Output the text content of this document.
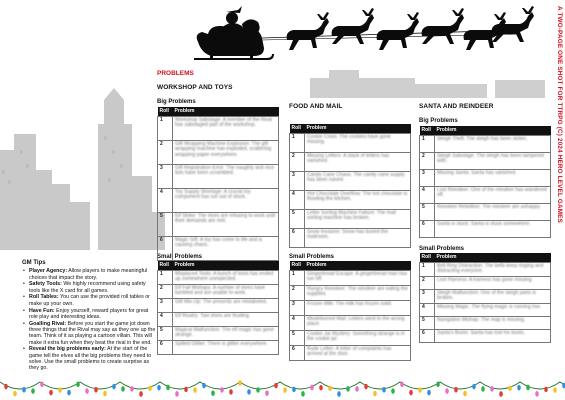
A TWO-PAGE ONE SHOT FOR TTRPG (C) 2024 HERO LEVEL GAMES
PROBLEMS
WORKSHOP AND TOYS
FOOD AND MAIL	SANTA AND REINDEER
Big Problems
Small Problems	Small Problems
Big Problems
Small Problems
Roll	Problem
1	Workshop Sabotage: A member of the Rival has sabotaged part of the workshop.
2	Gift Wrapping Machine Explosion: The gift wrapping machine has exploded, scattering wrapping paper everywhere.
3	Gift Registration Error: The naughty and nice lists have been scrambled.
4	Toy Supply Shortage: A crucial toy component has run out of stock.
5	Elf Strike: The elves are refusing to work until their demands are met.
6	Magic Gift: A toy has come to life and is causing chaos.
Roll	Problem
1	Misplaced Tools: A bunch of tools has ended up somewhere unexpected.
2	Elf Fall Mishaps: A number of elves have tumbled and are unable to work.
3	Gift Mix-Up: The presents are mislabeled.
4	Elf Rivalry: Two elves are feuding.
5	Magical Malfunction: The elf magic has gone strange.
6	Spilled Glitter: There is glitter everywhere.
Roll	Problem
1	Cookie Crisis: The cookies have gone missing.
2	Missing Letters: A stack of letters has vanished.
3	Candy Cane Chaos: The candy cane supply has been ruined.
4	Hot Chocolate Overflow: The hot chocolate is flooding the kitchen.
5	Letter Sorting Machine Failure: The mail sorting machine has broken.
6	Snow Invasion: Snow has buried the mailroom.
Roll	Problem
1	Gingerbread Escape: A gingerbread man has run off.
2	Hungry Reindeer: The reindeer are eating the supplies.
3	Frozen Milk: The milk has frozen solid.
4	Misdelivered Mail: Letters went to the wrong place.
5	Cookie Jar Mystery: Something strange is in the cookie jar.
6	Rude Letter: A letter of complaints has arrived at the door.
Roll	Problem
1	Sleigh Theft: The sleigh has been stolen.
2	Sleigh Sabotage: The sleigh has been tampered with.
3	Missing Santa: Santa has vanished.
4	Lost Reindeer: One of the reindeer has wandered off.
5	Reindeer Rebellion: The reindeer are unhappy.
6	Santa is stuck: Santa is stuck somewhere.
Roll	Problem
1	Bell Ring Distraction: The bells keep ringing and distracting everyone.
2	Lost Harness: A harness has gone missing.
3	Sleigh Malfunction: One of the sleigh parts is broken.
4	Missing Magic: The flying magic is running low.
5	Navigation Mishap: The map is missing.
6	Santa's Boots: Santa has lost his boots.
GM Tips
• Player Agency: Allow players to make meaningful choices that impact the story.
• Safety Tools: We highly recommend using safety tools like the X card for all games.
• Roll Tables: You can use the provided roll tables or make up your own.
• Have Fun: Enjoy yourself, reward players for great role play and interesting ideas.
• Goalling Rival: Before you start the game jot down three things that the Rival may say as they one up the team. Think of it as playing a cartoon villain. This will make it extra fun when they beat the rival in the end.
• Reveal the big problems early: At the start of the game tell the elves all the big problems they need to solve. Use the small problems to create surprise as they go.
